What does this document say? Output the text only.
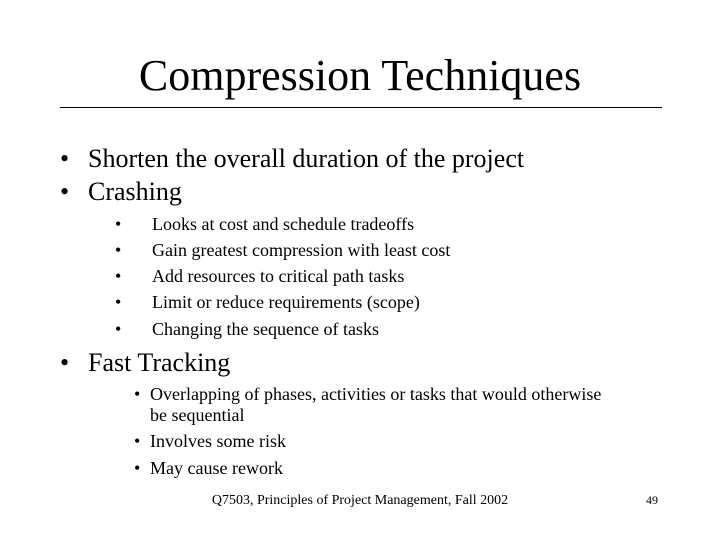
Compression Techniques
• Shorten the overall duration of the project
• Crashing
•	Looks at cost and schedule tradeoffs
•	Gain greatest compression with least cost
•	Add resources to critical path tasks
•	Limit or reduce requirements (scope)
•	Changing the sequence of tasks
• Fast Tracking
• Overlapping of phases, activities or tasks that would otherwise
be sequential
• Involves some risk
• May cause rework
Q7503, Principles of Project Management, Fall 2002	49
